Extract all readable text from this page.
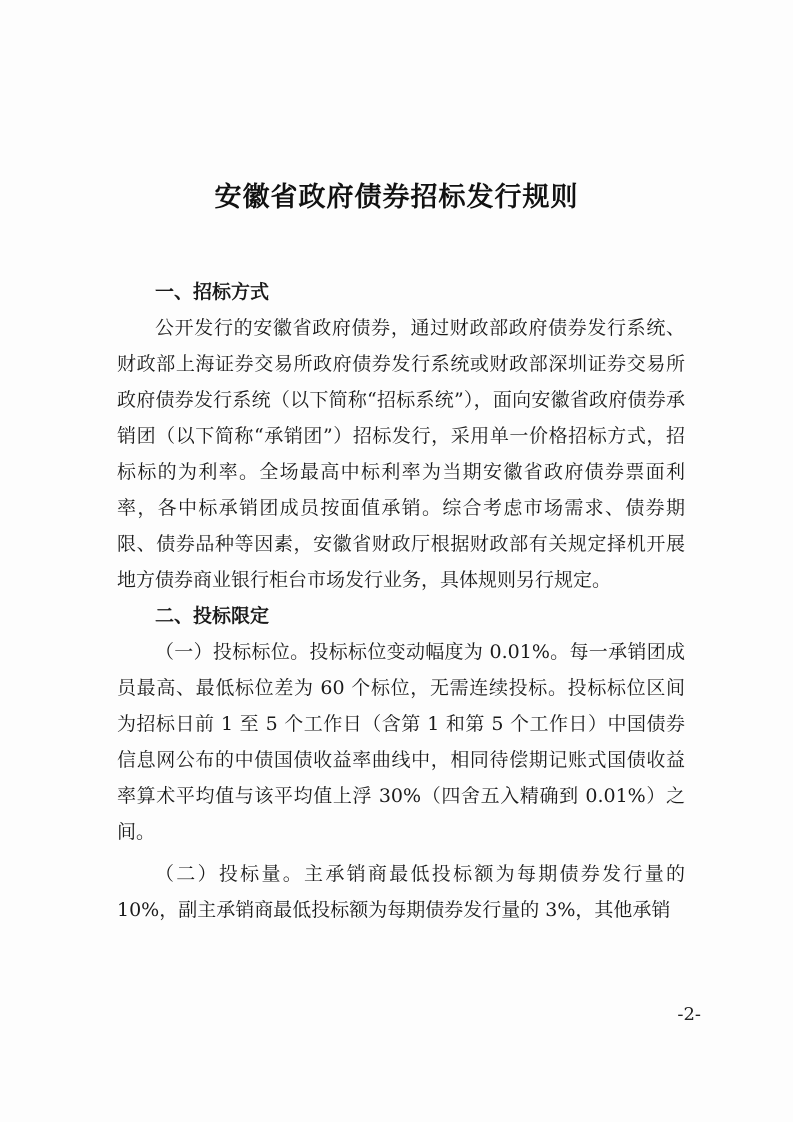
安徽省政府债券招标发行规则

一、招标方式

公开发行的安徽省政府债券，通过财政部政府债券发行系统、财政部上海证券交易所政府债券发行系统或财政部深圳证券交易所政府债券发行系统（以下简称“招标系统”），面向安徽省政府债券承销团（以下简称“承销团”）招标发行，采用单一价格招标方式，招标标的为利率。全场最高中标利率为当期安徽省政府债券票面利率，各中标承销团成员按面值承销。综合考虑市场需求、债券期限、债券品种等因素，安徽省财政厅根据财政部有关规定择机开展地方债券商业银行柜台市场发行业务，具体规则另行规定。

二、投标限定

（一）投标标位。投标标位变动幅度为 0.01%。每一承销团成员最高、最低标位差为 60 个标位，无需连续投标。投标标位区间为招标日前 1 至 5 个工作日（含第 1 和第 5 个工作日）中国债券信息网公布的中债国债收益率曲线中，相同待偿期记账式国债收益率算术平均值与该平均值上浮 30%（四舍五入精确到 0.01%）之间。

（二）投标量。主承销商最低投标额为每期债券发行量的 10%，副主承销商最低投标额为每期债券发行量的 3%，其他承销

-2-
